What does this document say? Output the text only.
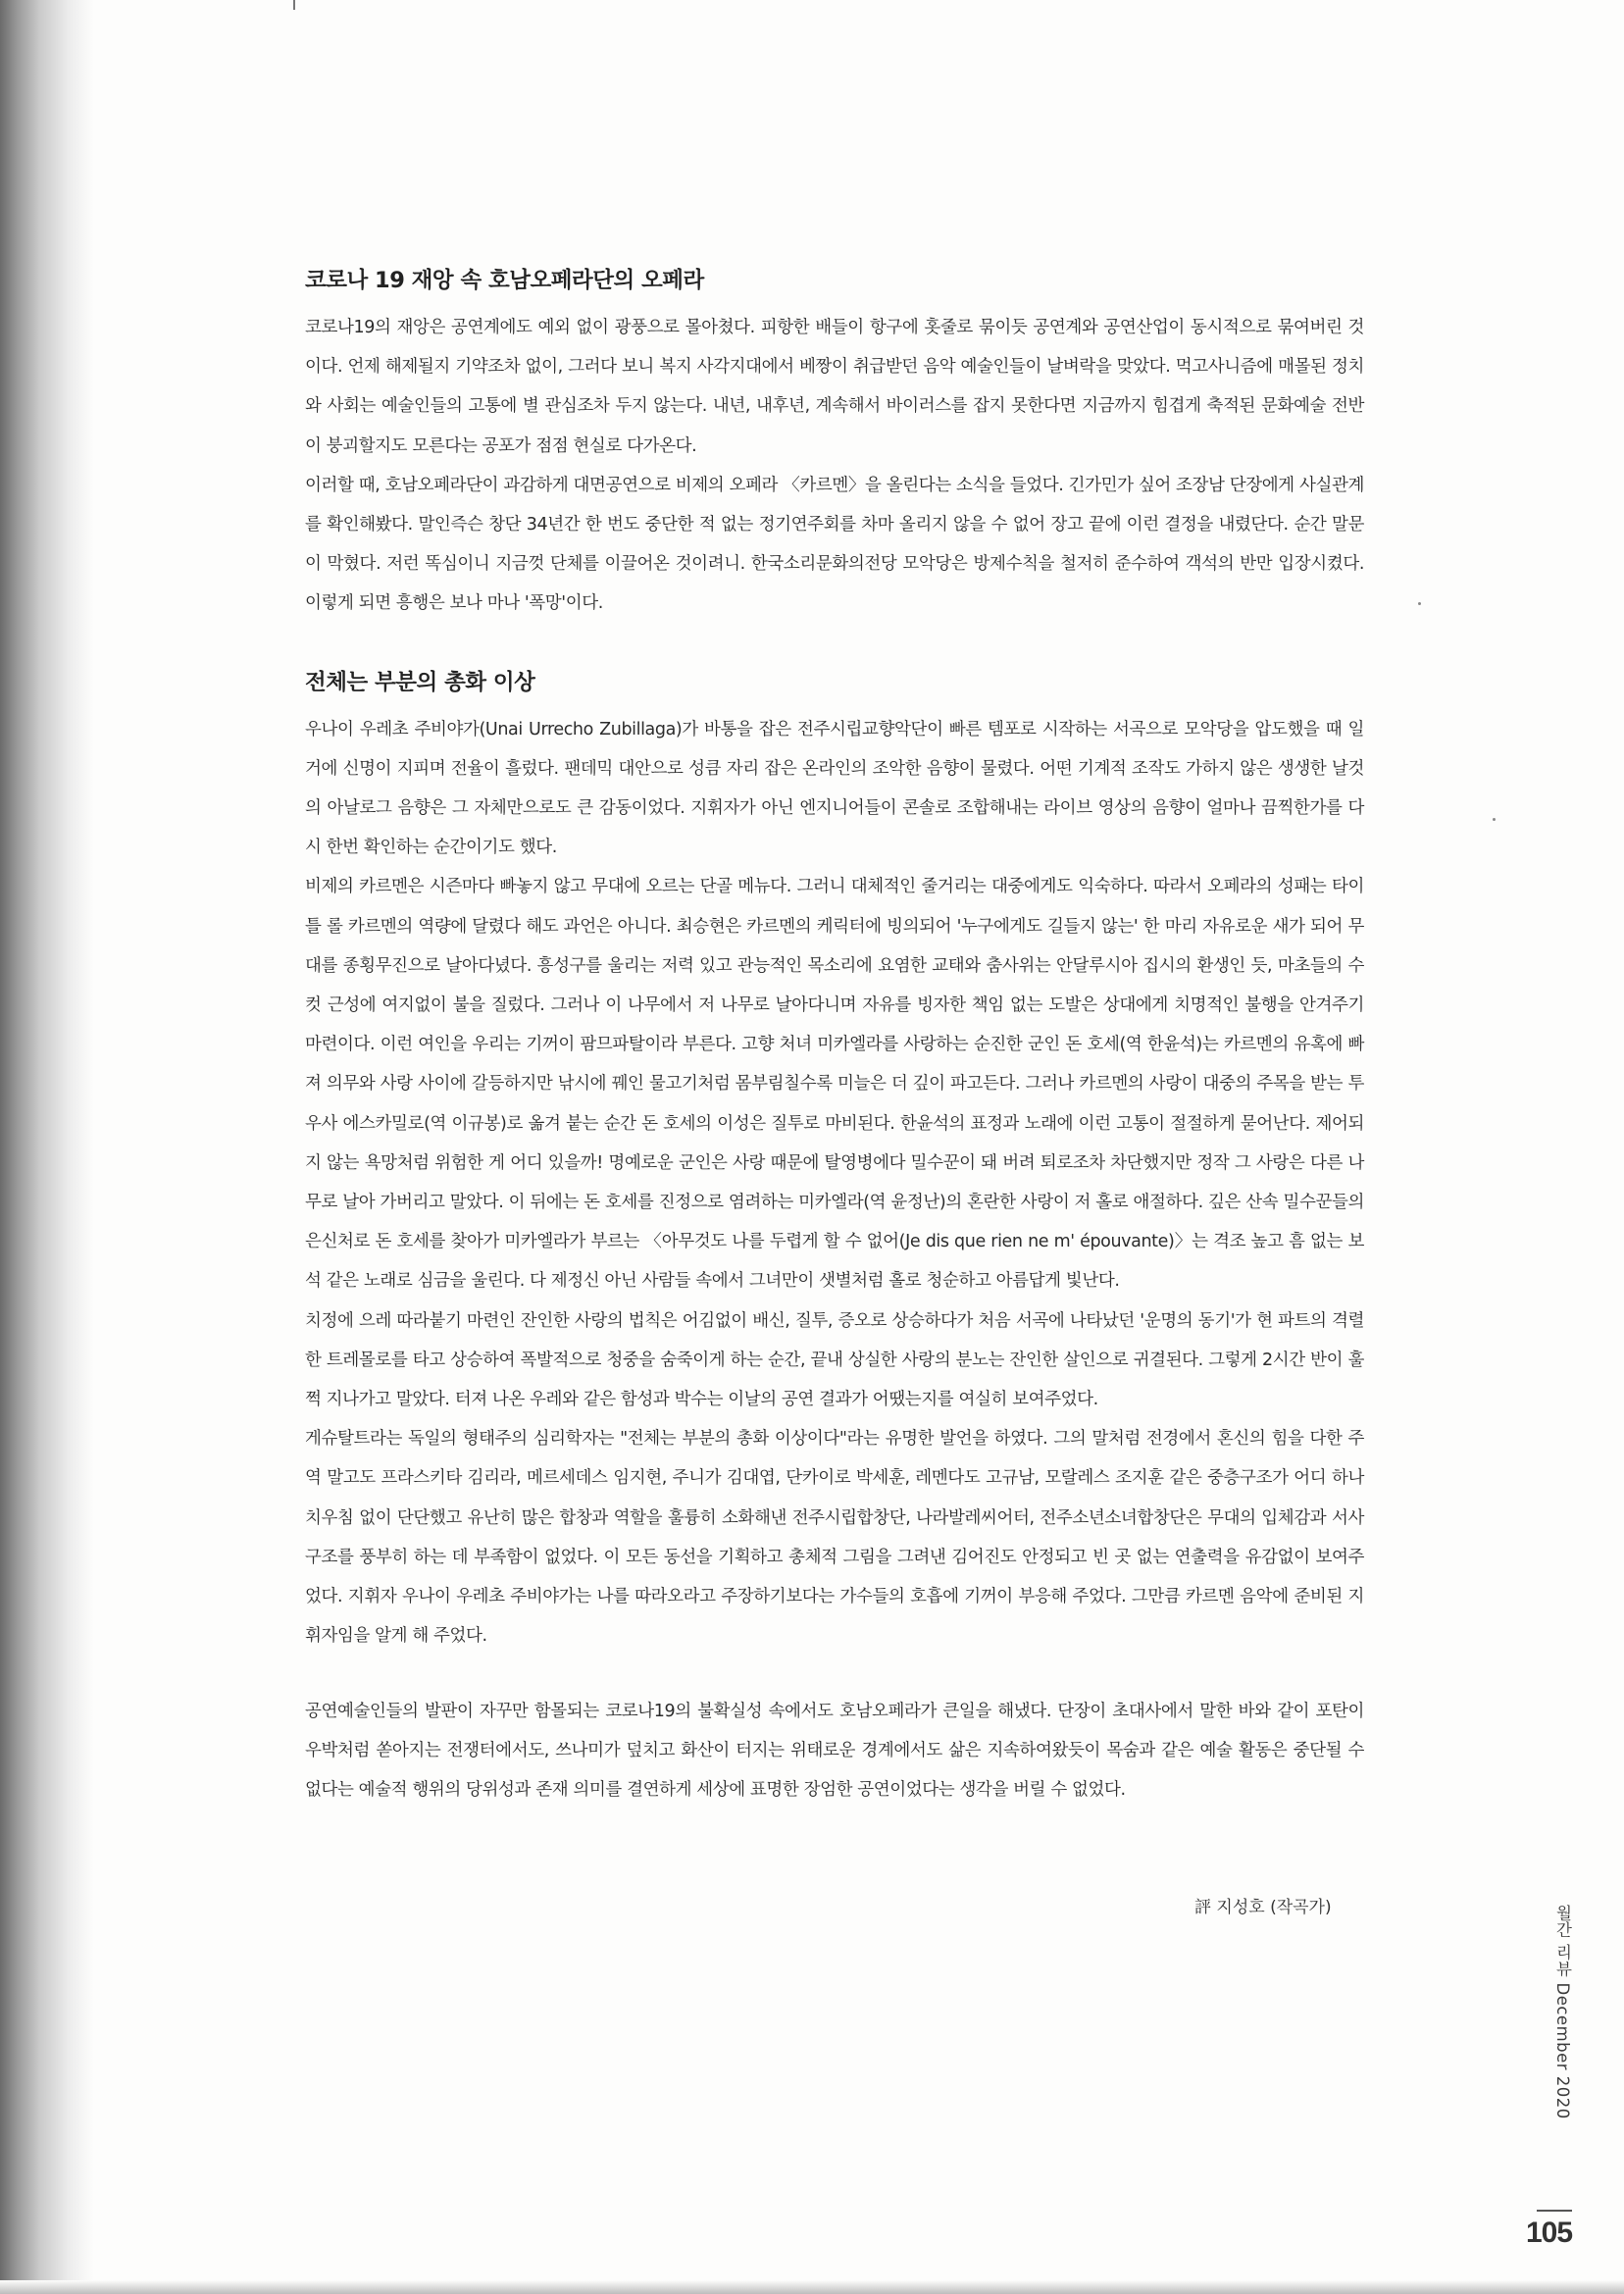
코로나 19 재앙 속 호남오페라단의 오페라

코로나19의 재앙은 공연계에도 예외 없이 광풍으로 몰아쳤다. 피항한 배들이 항구에 홋줄로 묶이듯 공연계와 공연산업이 동시적으로 묶여버린 것이다. 언제 해제될지 기약조차 없이, 그러다 보니 복지 사각지대에서 베짱이 취급받던 음악 예술인들이 날벼락을 맞았다. 먹고사니즘에 매몰된 정치와 사회는 예술인들의 고통에 별 관심조차 두지 않는다. 내년, 내후년, 계속해서 바이러스를 잡지 못한다면 지금까지 힘겹게 축적된 문화예술 전반이 붕괴할지도 모른다는 공포가 점점 현실로 다가온다.

이러할 때, 호남오페라단이 과감하게 대면공연으로 비제의 오페라 〈카르멘〉을 올린다는 소식을 들었다. 긴가민가 싶어 조장남 단장에게 사실관계를 확인해봤다. 말인즉슨 창단 34년간 한 번도 중단한 적 없는 정기연주회를 차마 올리지 않을 수 없어 장고 끝에 이런 결정을 내렸단다. 순간 말문이 막혔다. 저런 똑심이니 지금껏 단체를 이끌어온 것이려니. 한국소리문화의전당 모악당은 방제수칙을 철저히 준수하여 객석의 반만 입장시켰다. 이렇게 되면 흥행은 보나 마나 '폭망'이다.

전체는 부분의 총화 이상

우나이 우레초 주비야가(Unai Urrecho Zubillaga)가 바통을 잡은 전주시립교향악단이 빠른 템포로 시작하는 서곡으로 모악당을 압도했을 때 일거에 신명이 지피며 전율이 흘렀다. 팬데믹 대안으로 성큼 자리 잡은 온라인의 조악한 음향이 물렸다. 어떤 기계적 조작도 가하지 않은 생생한 날것의 아날로그 음향은 그 자체만으로도 큰 감동이었다. 지휘자가 아닌 엔지니어들이 콘솔로 조합해내는 라이브 영상의 음향이 얼마나 끔찍한가를 다시 한번 확인하는 순간이기도 했다.

비제의 카르멘은 시즌마다 빠놓지 않고 무대에 오르는 단골 메뉴다. 그러니 대체적인 줄거리는 대중에게도 익숙하다. 따라서 오페라의 성패는 타이틀 롤 카르멘의 역량에 달렸다 해도 과언은 아니다. 최승현은 카르멘의 케릭터에 빙의되어 '누구에게도 길들지 않는' 한 마리 자유로운 새가 되어 무대를 종횡무진으로 날아다녔다. 흥성구를 울리는 저력 있고 관능적인 목소리에 요염한 교태와 춤사위는 안달루시아 집시의 환생인 듯, 마초들의 수컷 근성에 여지없이 불을 질렀다. 그러나 이 나무에서 저 나무로 날아다니며 자유를 빙자한 책임 없는 도발은 상대에게 치명적인 불행을 안겨주기 마련이다. 이런 여인을 우리는 기꺼이 팜므파탈이라 부른다. 고향 처녀 미카엘라를 사랑하는 순진한 군인 돈 호세(역 한윤석)는 카르멘의 유혹에 빠져 의무와 사랑 사이에 갈등하지만 낚시에 꿰인 물고기처럼 몸부림칠수록 미늘은 더 깊이 파고든다. 그러나 카르멘의 사랑이 대중의 주목을 받는 투우사 에스카밀로(역 이규봉)로 옮겨 붙는 순간 돈 호세의 이성은 질투로 마비된다. 한윤석의 표정과 노래에 이런 고통이 절절하게 묻어난다. 제어되지 않는 욕망처럼 위험한 게 어디 있을까! 명예로운 군인은 사랑 때문에 탈영병에다 밀수꾼이 돼 버려 퇴로조차 차단했지만 정작 그 사랑은 다른 나무로 날아 가버리고 말았다. 이 뒤에는 돈 호세를 진정으로 염려하는 미카엘라(역 윤정난)의 혼란한 사랑이 저 홀로 애절하다. 깊은 산속 밀수꾼들의 은신처로 돈 호세를 찾아가 미카엘라가 부르는 〈아무것도 나를 두렵게 할 수 없어(Je dis que rien ne m' épouvante)〉는 격조 높고 흠 없는 보석 같은 노래로 심금을 울린다. 다 제정신 아닌 사람들 속에서 그녀만이 샛별처럼 홀로 청순하고 아름답게 빛난다.

치정에 으레 따라붙기 마련인 잔인한 사랑의 법칙은 어김없이 배신, 질투, 증오로 상승하다가 처음 서곡에 나타났던 '운명의 동기'가 현 파트의 격렬한 트레몰로를 타고 상승하여 폭발적으로 청중을 숨죽이게 하는 순간, 끝내 상실한 사랑의 분노는 잔인한 살인으로 귀결된다. 그렇게 2시간 반이 훌쩍 지나가고 말았다. 터져 나온 우레와 같은 함성과 박수는 이날의 공연 결과가 어땠는지를 여실히 보여주었다.

게슈탈트라는 독일의 형태주의 심리학자는 "전체는 부분의 총화 이상이다"라는 유명한 발언을 하였다. 그의 말처럼 전경에서 혼신의 힘을 다한 주역 말고도 프라스키타 김리라, 메르세데스 임지현, 주니가 김대엽, 단카이로 박세훈, 레멘다도 고규남, 모랄레스 조지훈 같은 중층구조가 어디 하나 치우침 없이 단단했고 유난히 많은 합창과 역할을 훌륭히 소화해낸 전주시립합창단, 나라발레씨어터, 전주소년소녀합창단은 무대의 입체감과 서사구조를 풍부히 하는 데 부족함이 없었다. 이 모든 동선을 기획하고 총체적 그림을 그려낸 김어진도 안정되고 빈 곳 없는 연출력을 유감없이 보여주었다. 지휘자 우나이 우레초 주비야가는 나를 따라오라고 주장하기보다는 가수들의 호흡에 기꺼이 부응해 주었다. 그만큼 카르멘 음악에 준비된 지휘자임을 알게 해 주었다.

공연예술인들의 발판이 자꾸만 함몰되는 코로나19의 불확실성 속에서도 호남오페라가 큰일을 해냈다. 단장이 초대사에서 말한 바와 같이 포탄이 우박처럼 쏟아지는 전쟁터에서도, 쓰나미가 덮치고 화산이 터지는 위태로운 경계에서도 삶은 지속하여왔듯이 목숨과 같은 예술 활동은 중단될 수 없다는 예술적 행위의 당위성과 존재 의미를 결연하게 세상에 표명한 장엄한 공연이었다는 생각을 버릴 수 없었다.

評 지성호 (작곡가)	월간 리뷰 December 2020
105
